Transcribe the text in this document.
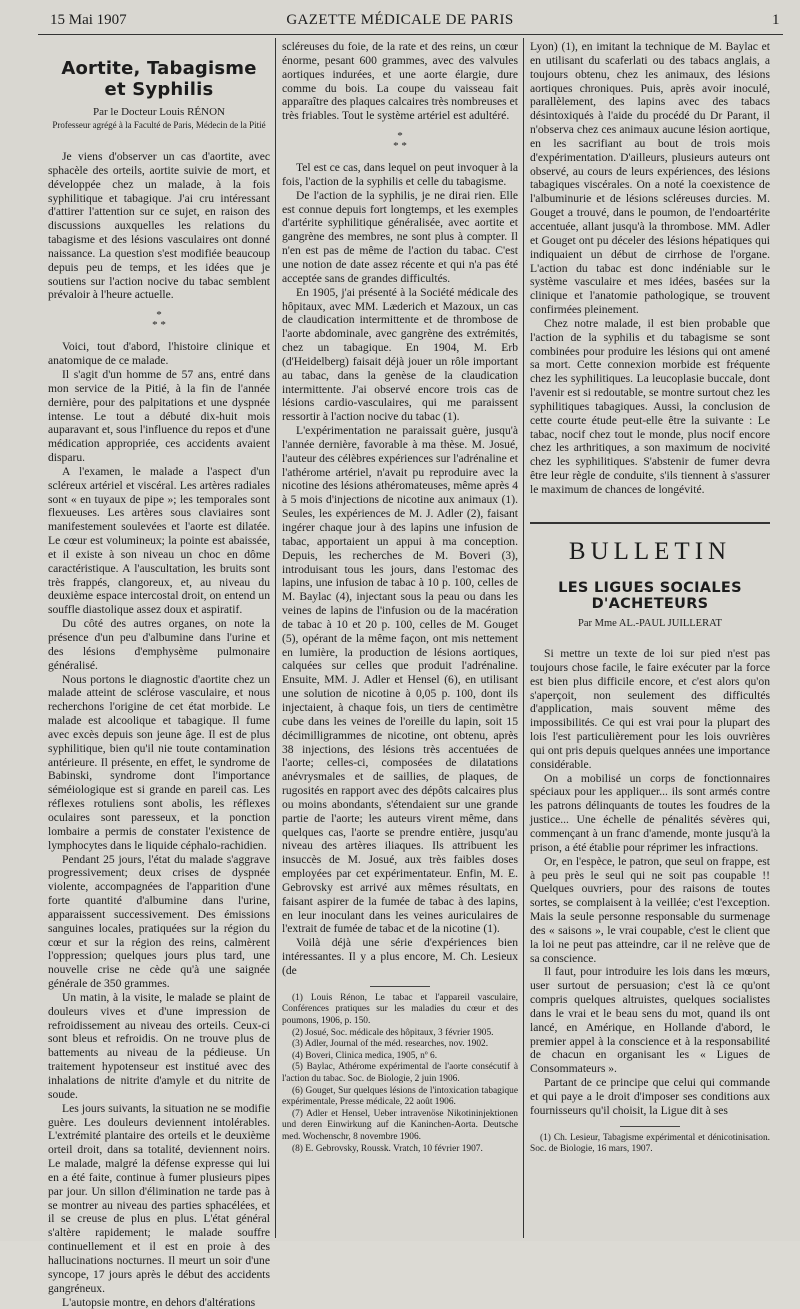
15 Mai 1907	GAZETTE MÉDICALE DE PARIS	1
Aortite, Tabagisme et Syphilis
Par le Docteur Louis RÉNON
Professeur agrégé à la Faculté de Paris, Médecin de la Pitié

Je viens d'observer un cas d'aortite, avec sphacèle des orteils, aortite suivie de mort, et développée chez un malade, à la fois syphilitique et tabagique. J'ai cru intéressant d'attirer l'attention sur ce sujet, en raison des discussions auxquelles les relations du tabagisme et des lésions vasculaires ont donné naissance. La question s'est modifiée beaucoup depuis peu de temps, et les idées que je soutiens sur l'action nocive du tabac semblent prévaloir à l'heure actuelle.

*
* *

Voici, tout d'abord, l'histoire clinique et anatomique de ce malade.

Il s'agit d'un homme de 57 ans, entré dans mon service de la Pitié, à la fin de l'année dernière, pour des palpitations et une dyspnée intense. Le tout a débuté dix-huit mois auparavant et, sous l'influence du repos et d'une médication appropriée, ces accidents avaient disparu.

A l'examen, le malade a l'aspect d'un scléreux artériel et viscéral. Les artères radiales sont « en tuyaux de pipe »; les temporales sont flexueuses. Les artères sous claviaires sont manifestement soulevées et l'aorte est dilatée. Le cœur est volumineux; la pointe est abaissée, et il existe à son niveau un choc en dôme caractéristique. A l'auscultation, les bruits sont très frappés, clangoreux, et, au niveau du deuxième espace intercostal droit, on entend un souffle diastolique assez doux et aspiratif.

Du côté des autres organes, on note la présence d'un peu d'albumine dans l'urine et des lésions d'emphysème pulmonaire généralisé.

Nous portons le diagnostic d'aortite chez un malade atteint de sclérose vasculaire, et nous recherchons l'origine de cet état morbide. Le malade est alcoolique et tabagique. Il fume avec excès depuis son jeune âge. Il est de plus syphilitique, bien qu'il nie toute contamination antérieure. Il présente, en effet, le syndrome de Babinski, syndrome dont l'importance séméiologique est si grande en pareil cas. Les réflexes rotuliens sont abolis, les réflexes oculaires sont paresseux, et la ponction lombaire a permis de constater l'existence de lymphocytes dans le liquide céphalo-rachidien.

Pendant 25 jours, l'état du malade s'aggrave progressivement; deux crises de dyspnée violente, accompagnées de l'apparition d'une forte quantité d'albumine dans l'urine, apparaissent successivement. Des émissions sanguines locales, pratiquées sur la région du cœur et sur la région des reins, calmèrent l'oppression; quelques jours plus tard, une nouvelle crise ne cède qu'à une saignée générale de 350 grammes.

Un matin, à la visite, le malade se plaint de douleurs vives et d'une impression de refroidissement au niveau des orteils. Ceux-ci sont bleus et refroidis. On ne trouve plus de battements au niveau de la pédieuse. Un traitement hypotenseur est institué avec des inhalations de nitrite d'amyle et du nitrite de soude.

Les jours suivants, la situation ne se modifie guère. Les douleurs deviennent intolérables. L'extrémité plantaire des orteils et le deuxième orteil droit, dans sa totalité, deviennent noirs. Le malade, malgré la défense expresse qui lui en a été faite, continue à fumer plusieurs pipes par jour. Un sillon d'élimination ne tarde pas à se montrer au niveau des parties sphacélées, et il se creuse de plus en plus. L'état général s'altère rapidement; le malade souffre continuellement et il est en proie à des hallucinations nocturnes. Il meurt un soir d'une syncope, 17 jours après le début des accidents gangréneux.

L'autopsie montre, en dehors d'altérations

scléreuses du foie, de la rate et des reins, un cœur énorme, pesant 600 grammes, avec des valvules aortiques indurées, et une aorte élargie, dure comme du bois. La coupe du vaisseau fait apparaître des plaques calcaires très nombreuses et très friables. Tout le système artériel est adultéré.

*
* *

Tel est ce cas, dans lequel on peut invoquer à la fois, l'action de la syphilis et celle du tabagisme.

De l'action de la syphilis, je ne dirai rien. Elle est connue depuis fort longtemps, et les exemples d'artérite syphilitique généralisée, avec aortite et gangrène des membres, ne sont plus à compter. Il n'en est pas de même de l'action du tabac. C'est une notion de date assez récente et qui n'a pas été acceptée sans de grandes difficultés.

En 1905, j'ai présenté à la Société médicale des hôpitaux, avec MM. Læderich et Mazoux, un cas de claudication intermittente et de thrombose de l'aorte abdominale, avec gangrène des extrémités, chez un tabagique. En 1904, M. Erb (d'Heidelberg) faisait déjà jouer un rôle important au tabac, dans la genèse de la claudication intermittente. J'ai observé encore trois cas de lésions cardio-vasculaires, qui me paraissent ressortir à l'action nocive du tabac (1).

L'expérimentation ne paraissait guère, jusqu'à l'année dernière, favorable à ma thèse. M. Josué, l'auteur des célèbres expériences sur l'adrénaline et l'athérome artériel, n'avait pu reproduire avec la nicotine des lésions athéromateuses, même après 4 à 5 mois d'injections de nicotine aux animaux (1). Seules, les expériences de M. J. Adler (2), faisant ingérer chaque jour à des lapins une infusion de tabac, apportaient un appui à ma conception. Depuis, les recherches de M. Boveri (3), introduisant tous les jours, dans l'estomac des lapins, une infusion de tabac à 10 p. 100, celles de M. Baylac (4), injectant sous la peau ou dans les veines de lapins de l'infusion ou de la macération de tabac à 10 et 20 p. 100, celles de M. Gouget (5), opérant de la même façon, ont mis nettement en lumière, la production de lésions aortiques, calquées sur celles que produit l'adrénaline. Ensuite, MM. J. Adler et Hensel (6), en utilisant une solution de nicotine à 0,05 p. 100, dont ils injectaient, à chaque fois, un tiers de centimètre cube dans les veines de l'oreille du lapin, soit 15 décimilligrammes de nicotine, ont obtenu, après 38 injections, des lésions très accentuées de l'aorte; celles-ci, composées de dilatations anévrysmales et de saillies, de plaques, de rugosités en rapport avec des dépôts calcaires plus ou moins abondants, s'étendaient sur une grande partie de l'aorte; les auteurs virent même, dans quelques cas, l'aorte se prendre entière, jusqu'au niveau des artères iliaques. Ils attribuent les insuccès de M. Josué, aux très faibles doses employées par cet expérimentateur. Enfin, M. E. Gebrovsky est arrivé aux mêmes résultats, en faisant aspirer de la fumée de tabac à des lapins, en leur inoculant dans les veines auriculaires de l'extrait de fumée de tabac et de la nicotine (1).

Voilà déjà une série d'expériences bien intéressantes. Il y a plus encore, M. Ch. Lesieux (de

(1) Louis Rénon, Le tabac et l'appareil vasculaire, Conférences pratiques sur les maladies du cœur et des poumons, 1906, p. 150.

(2) Josué, Soc. médicale des hôpitaux, 3 février 1905.

(3) Adler, Journal of the méd. researches, nov. 1902.

(4) Boveri, Clinica medica, 1905, nº 6.

(5) Baylac, Athérome expérimental de l'aorte consécutif à l'action du tabac. Soc. de Biologie, 2 juin 1906.

(6) Gouget, Sur quelques lésions de l'intoxication tabagique expérimentale, Presse médicale, 22 août 1906.

(7) Adler et Hensel, Ueber intravenöse Nikotininjektionen und deren Einwirkung auf die Kaninchen-Aorta. Deutsche med. Wochenschr, 8 novembre 1906.

(8) E. Gebrovsky, Roussk. Vratch, 10 février 1907.

Lyon) (1), en imitant la technique de M. Baylac et en utilisant du scaferlati ou des tabacs anglais, a toujours obtenu, chez les animaux, des lésions aortiques chroniques. Puis, après avoir inoculé, parallèlement, des lapins avec des tabacs désintoxiqués à l'aide du procédé du Dr Parant, il n'observa chez ces animaux aucune lésion aortique, en les sacrifiant au bout de trois mois d'expérimentation. D'ailleurs, plusieurs auteurs ont observé, au cours de leurs expériences, des lésions tabagiques viscérales. On a noté la coexistence de l'albuminurie et de lésions scléreuses durcies. M. Gouget a trouvé, dans le poumon, de l'endoartérite accentuée, allant jusqu'à la thrombose. MM. Adler et Gouget ont pu déceler des lésions hépatiques qui indiquaient un début de cirrhose de l'organe. L'action du tabac est donc indéniable sur le système vasculaire et mes idées, basées sur la clinique et l'anatomie pathologique, se trouvent confirmées pleinement.

Chez notre malade, il est bien probable que l'action de la syphilis et du tabagisme se sont combinées pour produire les lésions qui ont amené sa mort. Cette connexion morbide est fréquente chez les syphilitiques. La leucoplasie buccale, dont l'avenir est si redoutable, se montre surtout chez les syphilitiques tabagiques. Aussi, la conclusion de cette courte étude peut-elle être la suivante : Le tabac, nocif chez tout le monde, plus nocif encore chez les arthritiques, a son maximum de nocivité chez les syphilitiques. S'abstenir de fumer devra être leur règle de conduite, s'ils tiennent à s'assurer le maximum de chances de longévité.

BULLETIN
LES LIGUES SOCIALES D'ACHETEURS
Par Mme AL.-PAUL JUILLERAT

Si mettre un texte de loi sur pied n'est pas toujours chose facile, le faire exécuter par la force est bien plus difficile encore, et c'est alors qu'on s'aperçoit, non seulement des difficultés d'application, mais souvent même des impossibilités. Ce qui est vrai pour la plupart des lois l'est particulièrement pour les lois ouvrières qui ont pris depuis quelques années une importance considérable.

On a mobilisé un corps de fonctionnaires spéciaux pour les appliquer... ils sont armés contre les patrons délinquants de toutes les foudres de la justice... Une échelle de pénalités sévères qui, commençant à un franc d'amende, monte jusqu'à la prison, a été établie pour réprimer les infractions.

Or, en l'espèce, le patron, que seul on frappe, est à peu près le seul qui ne soit pas coupable !! Quelques ouvriers, pour des raisons de toutes sortes, se complaisent à la veillée; c'est l'exception. Mais la seule personne responsable du surmenage des « saisons », le vrai coupable, c'est le client que la loi ne peut pas atteindre, car il ne relève que de sa conscience.

Il faut, pour introduire les lois dans les mœurs, user surtout de persuasion; c'est là ce qu'ont compris quelques altruistes, quelques socialistes dans le vrai et le beau sens du mot, quand ils ont lancé, en Amérique, en Hollande d'abord, le premier appel à la conscience et à la responsabilité de chacun en organisant les « Ligues de Consommateurs ».

Partant de ce principe que celui qui commande et qui paye a le droit d'imposer ses conditions aux fournisseurs qu'il choisit, la Ligue dit à ses

(1) Ch. Lesieur, Tabagisme expérimental et dénicotinisation. Soc. de Biologie, 16 mars, 1907.
